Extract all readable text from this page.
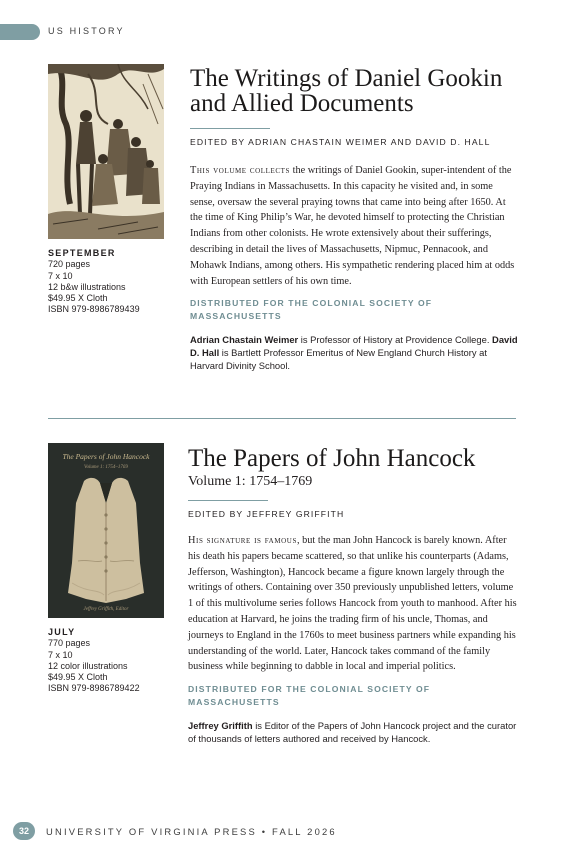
US HISTORY
SEPTEMBER
720 pages
7 x 10
12 b&w illustrations
$49.95 X Cloth
ISBN 979-8986789439
The Writings of Daniel Gookin
and Allied Documents
EDITED BY ADRIAN CHASTAIN WEIMER AND DAVID D. HALL
This volume collects the writings of Daniel Gookin, super-intendent of the Praying Indians in Massachusetts. In this capacity he visited and, in some sense, oversaw the several praying towns that came into being after 1650. At the time of King Philip’s War, he devoted himself to protecting the Christian Indians from other colonists. He wrote extensively about their sufferings, describing in detail the lives of Massachusetts, Nipmuc, Pennacook, and Mohawk Indians, among others. His sympathetic rendering placed him at odds with European settlers of his own time.
DISTRIBUTED FOR THE COLONIAL SOCIETY OF MASSACHUSETTS
Adrian Chastain Weimer is Professor of History at Providence College. David D. Hall is Bartlett Professor Emeritus of New England Church History at Harvard Divinity School.
The Papers of John Hancock
Volume 1: 1754–1769
Jeffrey Griffith, Editor
JULY
770 pages
7 x 10
12 color illustrations
$49.95 X Cloth
ISBN 979-8986789422
The Papers of John Hancock
Volume 1: 1754–1769
EDITED BY JEFFREY GRIFFITH
His signature is famous, but the man John Hancock is barely known. After his death his papers became scattered, so that unlike his counterparts (Adams, Jefferson, Washington), Hancock became a figure known largely through the writings of others. Containing over 350 previously unpublished letters, volume 1 of this multivolume series follows Hancock from youth to manhood. After his education at Harvard, he joins the trading firm of his uncle, Thomas, and journeys to England in the 1760s to meet business partners while expanding his understanding of the world. Later, Hancock takes command of the family business while beginning to dabble in local and imperial politics.
DISTRIBUTED FOR THE COLONIAL SOCIETY OF MASSACHUSETTS
Jeffrey Griffith is Editor of the Papers of John Hancock project and the curator of thousands of letters authored and received by Hancock.
32	UNIVERSITY OF VIRGINIA PRESS • FALL 2026
